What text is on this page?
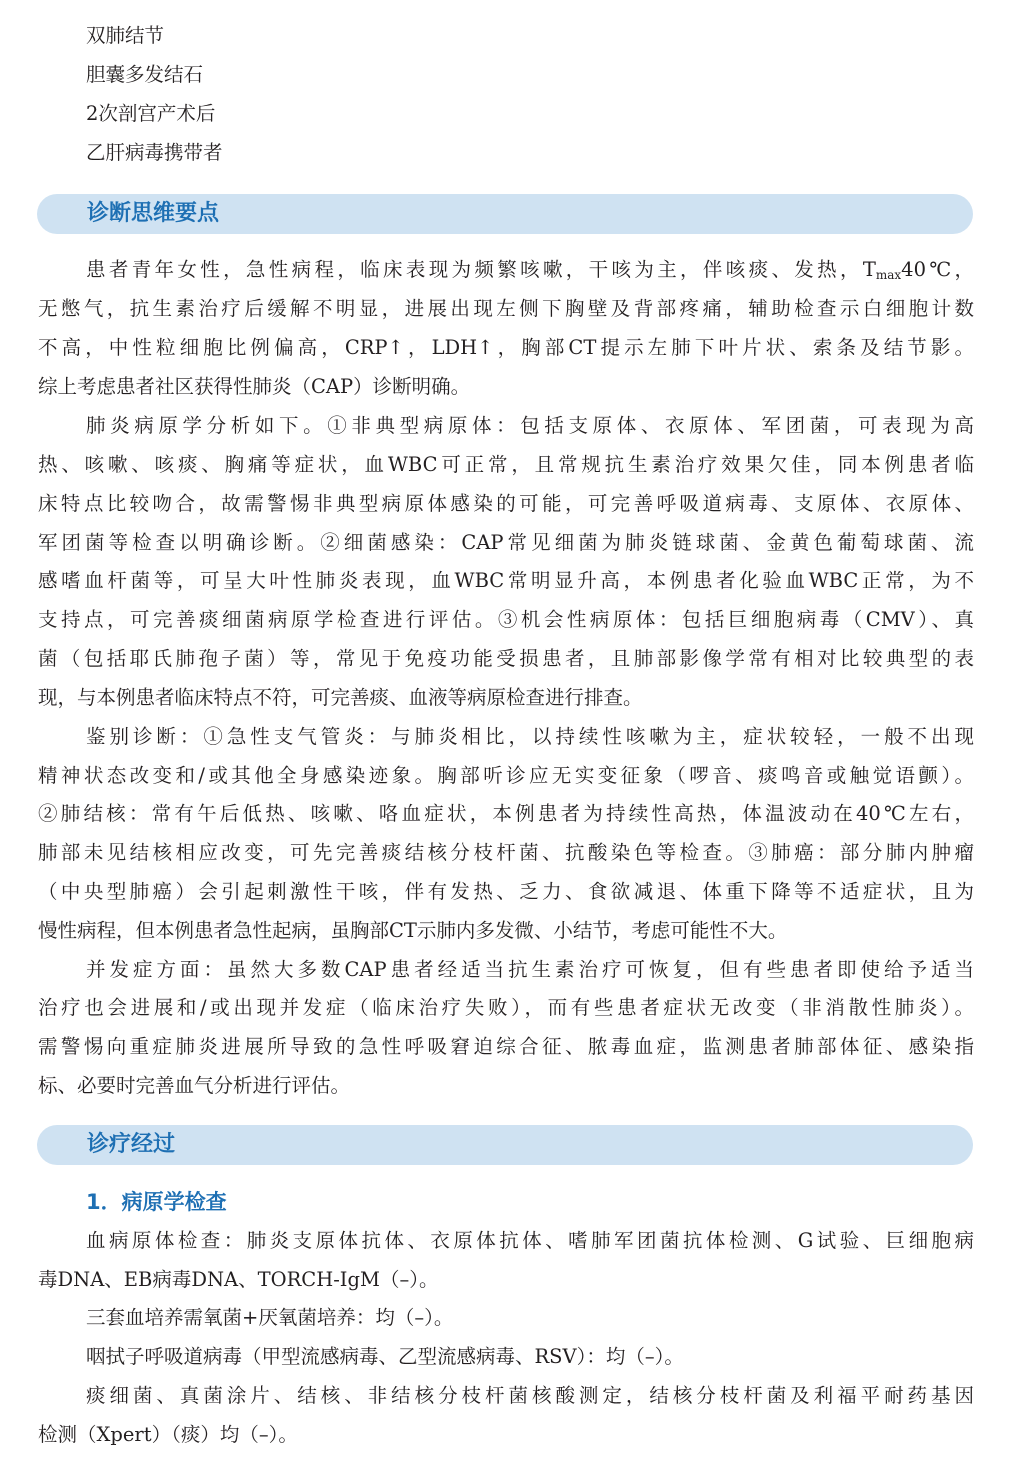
双肺结节
胆囊多发结石
2次剖宫产术后
乙肝病毒携带者
诊断思维要点
患者青年女性，急性病程，临床表现为频繁咳嗽，干咳为主，伴咳痰、发热，$T_{max}40℃$，
无憋气，抗生素治疗后缓解不明显，进展出现左侧下胸壁及背部疼痛，辅助检查示白细胞计数
不高，中性粒细胞比例偏高，CRP↑，LDH↑，胸部CT提示左肺下叶片状、索条及结节影。
综上考虑患者社区获得性肺炎（CAP）诊断明确。
肺炎病原学分析如下。①非典型病原体：包括支原体、衣原体、军团菌，可表现为高
热、咳嗽、咳痰、胸痛等症状，血WBC可正常，且常规抗生素治疗效果欠佳，同本例患者临
床特点比较吻合，故需警惕非典型病原体感染的可能，可完善呼吸道病毒、支原体、衣原体、
军团菌等检查以明确诊断。②细菌感染：CAP常见细菌为肺炎链球菌、金黄色葡萄球菌、流
感嗜血杆菌等，可呈大叶性肺炎表现，血WBC常明显升高，本例患者化验血WBC正常，为不
支持点，可完善痰细菌病原学检查进行评估。③机会性病原体：包括巨细胞病毒（CMV）、真
菌（包括耶氏肺孢子菌）等，常见于免疫功能受损患者，且肺部影像学常有相对比较典型的表
现，与本例患者临床特点不符，可完善痰、血液等病原检查进行排查。
鉴别诊断：①急性支气管炎：与肺炎相比，以持续性咳嗽为主，症状较轻，一般不出现
精神状态改变和/或其他全身感染迹象。胸部听诊应无实变征象（啰音、痰鸣音或触觉语颤）。
②肺结核：常有午后低热、咳嗽、咯血症状，本例患者为持续性高热，体温波动在40℃左右，
肺部未见结核相应改变，可先完善痰结核分枝杆菌、抗酸染色等检查。③肺癌：部分肺内肿瘤
（中央型肺癌）会引起刺激性干咳，伴有发热、乏力、食欲减退、体重下降等不适症状，且为
慢性病程，但本例患者急性起病，虽胸部CT示肺内多发微、小结节，考虑可能性不大。
并发症方面：虽然大多数CAP患者经适当抗生素治疗可恢复，但有些患者即使给予适当
治疗也会进展和/或出现并发症（临床治疗失败），而有些患者症状无改变（非消散性肺炎）。
需警惕向重症肺炎进展所导致的急性呼吸窘迫综合征、脓毒血症，监测患者肺部体征、感染指
标、必要时完善血气分析进行评估。
诊疗经过
1．病原学检查
血病原体检查：肺炎支原体抗体、衣原体抗体、嗜肺军团菌抗体检测、G试验、巨细胞病
毒DNA、EB病毒DNA、TORCH-IgM（–）。
三套血培养需氧菌+厌氧菌培养：均（–）。
咽拭子呼吸道病毒（甲型流感病毒、乙型流感病毒、RSV）：均（–）。
痰细菌、真菌涂片、结核、非结核分枝杆菌核酸测定，结核分枝杆菌及利福平耐药基因
检测（Xpert）（痰）均（–）。
